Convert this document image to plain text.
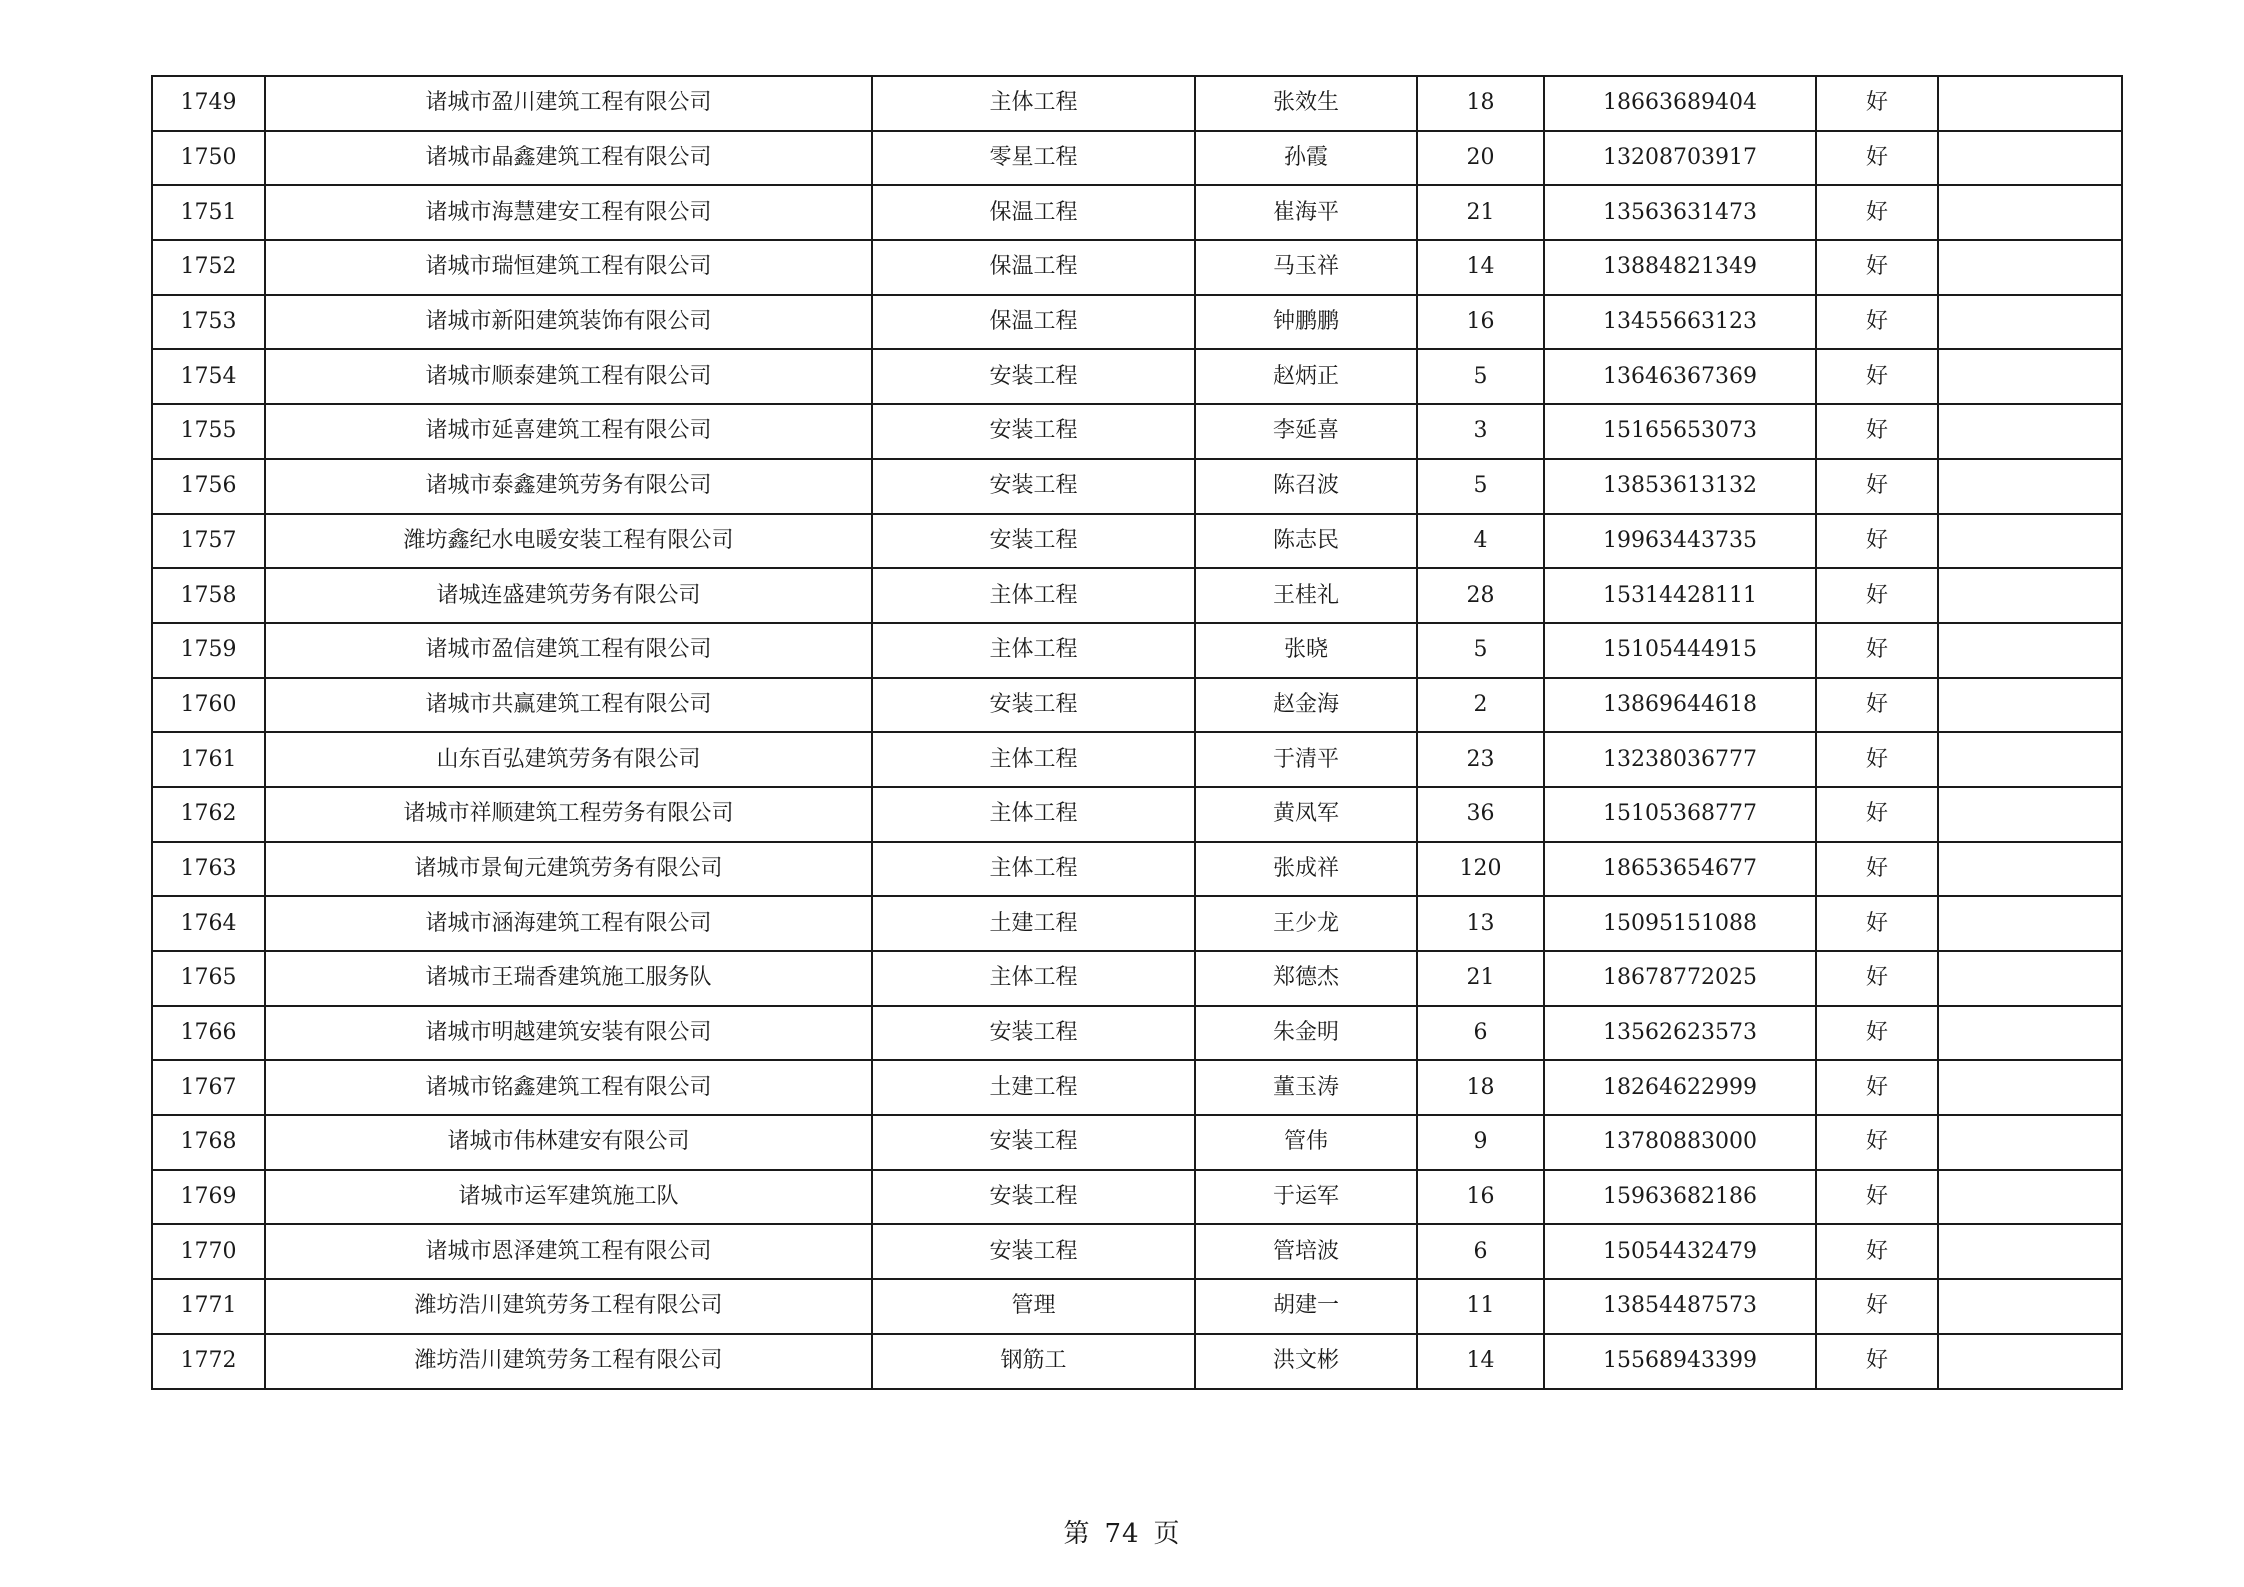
1749	诸城市盈川建筑工程有限公司	主体工程	张效生	18	18663689404	好	
1750	诸城市晶鑫建筑工程有限公司	零星工程	孙霞	20	13208703917	好	
1751	诸城市海慧建安工程有限公司	保温工程	崔海平	21	13563631473	好	
1752	诸城市瑞恒建筑工程有限公司	保温工程	马玉祥	14	13884821349	好	
1753	诸城市新阳建筑装饰有限公司	保温工程	钟鹏鹏	16	13455663123	好	
1754	诸城市顺泰建筑工程有限公司	安装工程	赵炳正	5	13646367369	好	
1755	诸城市延喜建筑工程有限公司	安装工程	李延喜	3	15165653073	好	
1756	诸城市泰鑫建筑劳务有限公司	安装工程	陈召波	5	13853613132	好	
1757	潍坊鑫纪水电暖安装工程有限公司	安装工程	陈志民	4	19963443735	好	
1758	诸城连盛建筑劳务有限公司	主体工程	王桂礼	28	15314428111	好	
1759	诸城市盈信建筑工程有限公司	主体工程	张晓	5	15105444915	好	
1760	诸城市共赢建筑工程有限公司	安装工程	赵金海	2	13869644618	好	
1761	山东百弘建筑劳务有限公司	主体工程	于清平	23	13238036777	好	
1762	诸城市祥顺建筑工程劳务有限公司	主体工程	黄凤军	36	15105368777	好	
1763	诸城市景甸元建筑劳务有限公司	主体工程	张成祥	120	18653654677	好	
1764	诸城市涵海建筑工程有限公司	土建工程	王少龙	13	15095151088	好	
1765	诸城市王瑞香建筑施工服务队	主体工程	郑德杰	21	18678772025	好	
1766	诸城市明越建筑安装有限公司	安装工程	朱金明	6	13562623573	好	
1767	诸城市铭鑫建筑工程有限公司	土建工程	董玉涛	18	18264622999	好	
1768	诸城市伟林建安有限公司	安装工程	管伟	9	13780883000	好	
1769	诸城市运军建筑施工队	安装工程	于运军	16	15963682186	好	
1770	诸城市恩泽建筑工程有限公司	安装工程	管培波	6	15054432479	好	
1771	潍坊浩川建筑劳务工程有限公司	管理	胡建一	11	13854487573	好	
1772	潍坊浩川建筑劳务工程有限公司	钢筋工	洪文彬	14	15568943399	好	
第 74 页
